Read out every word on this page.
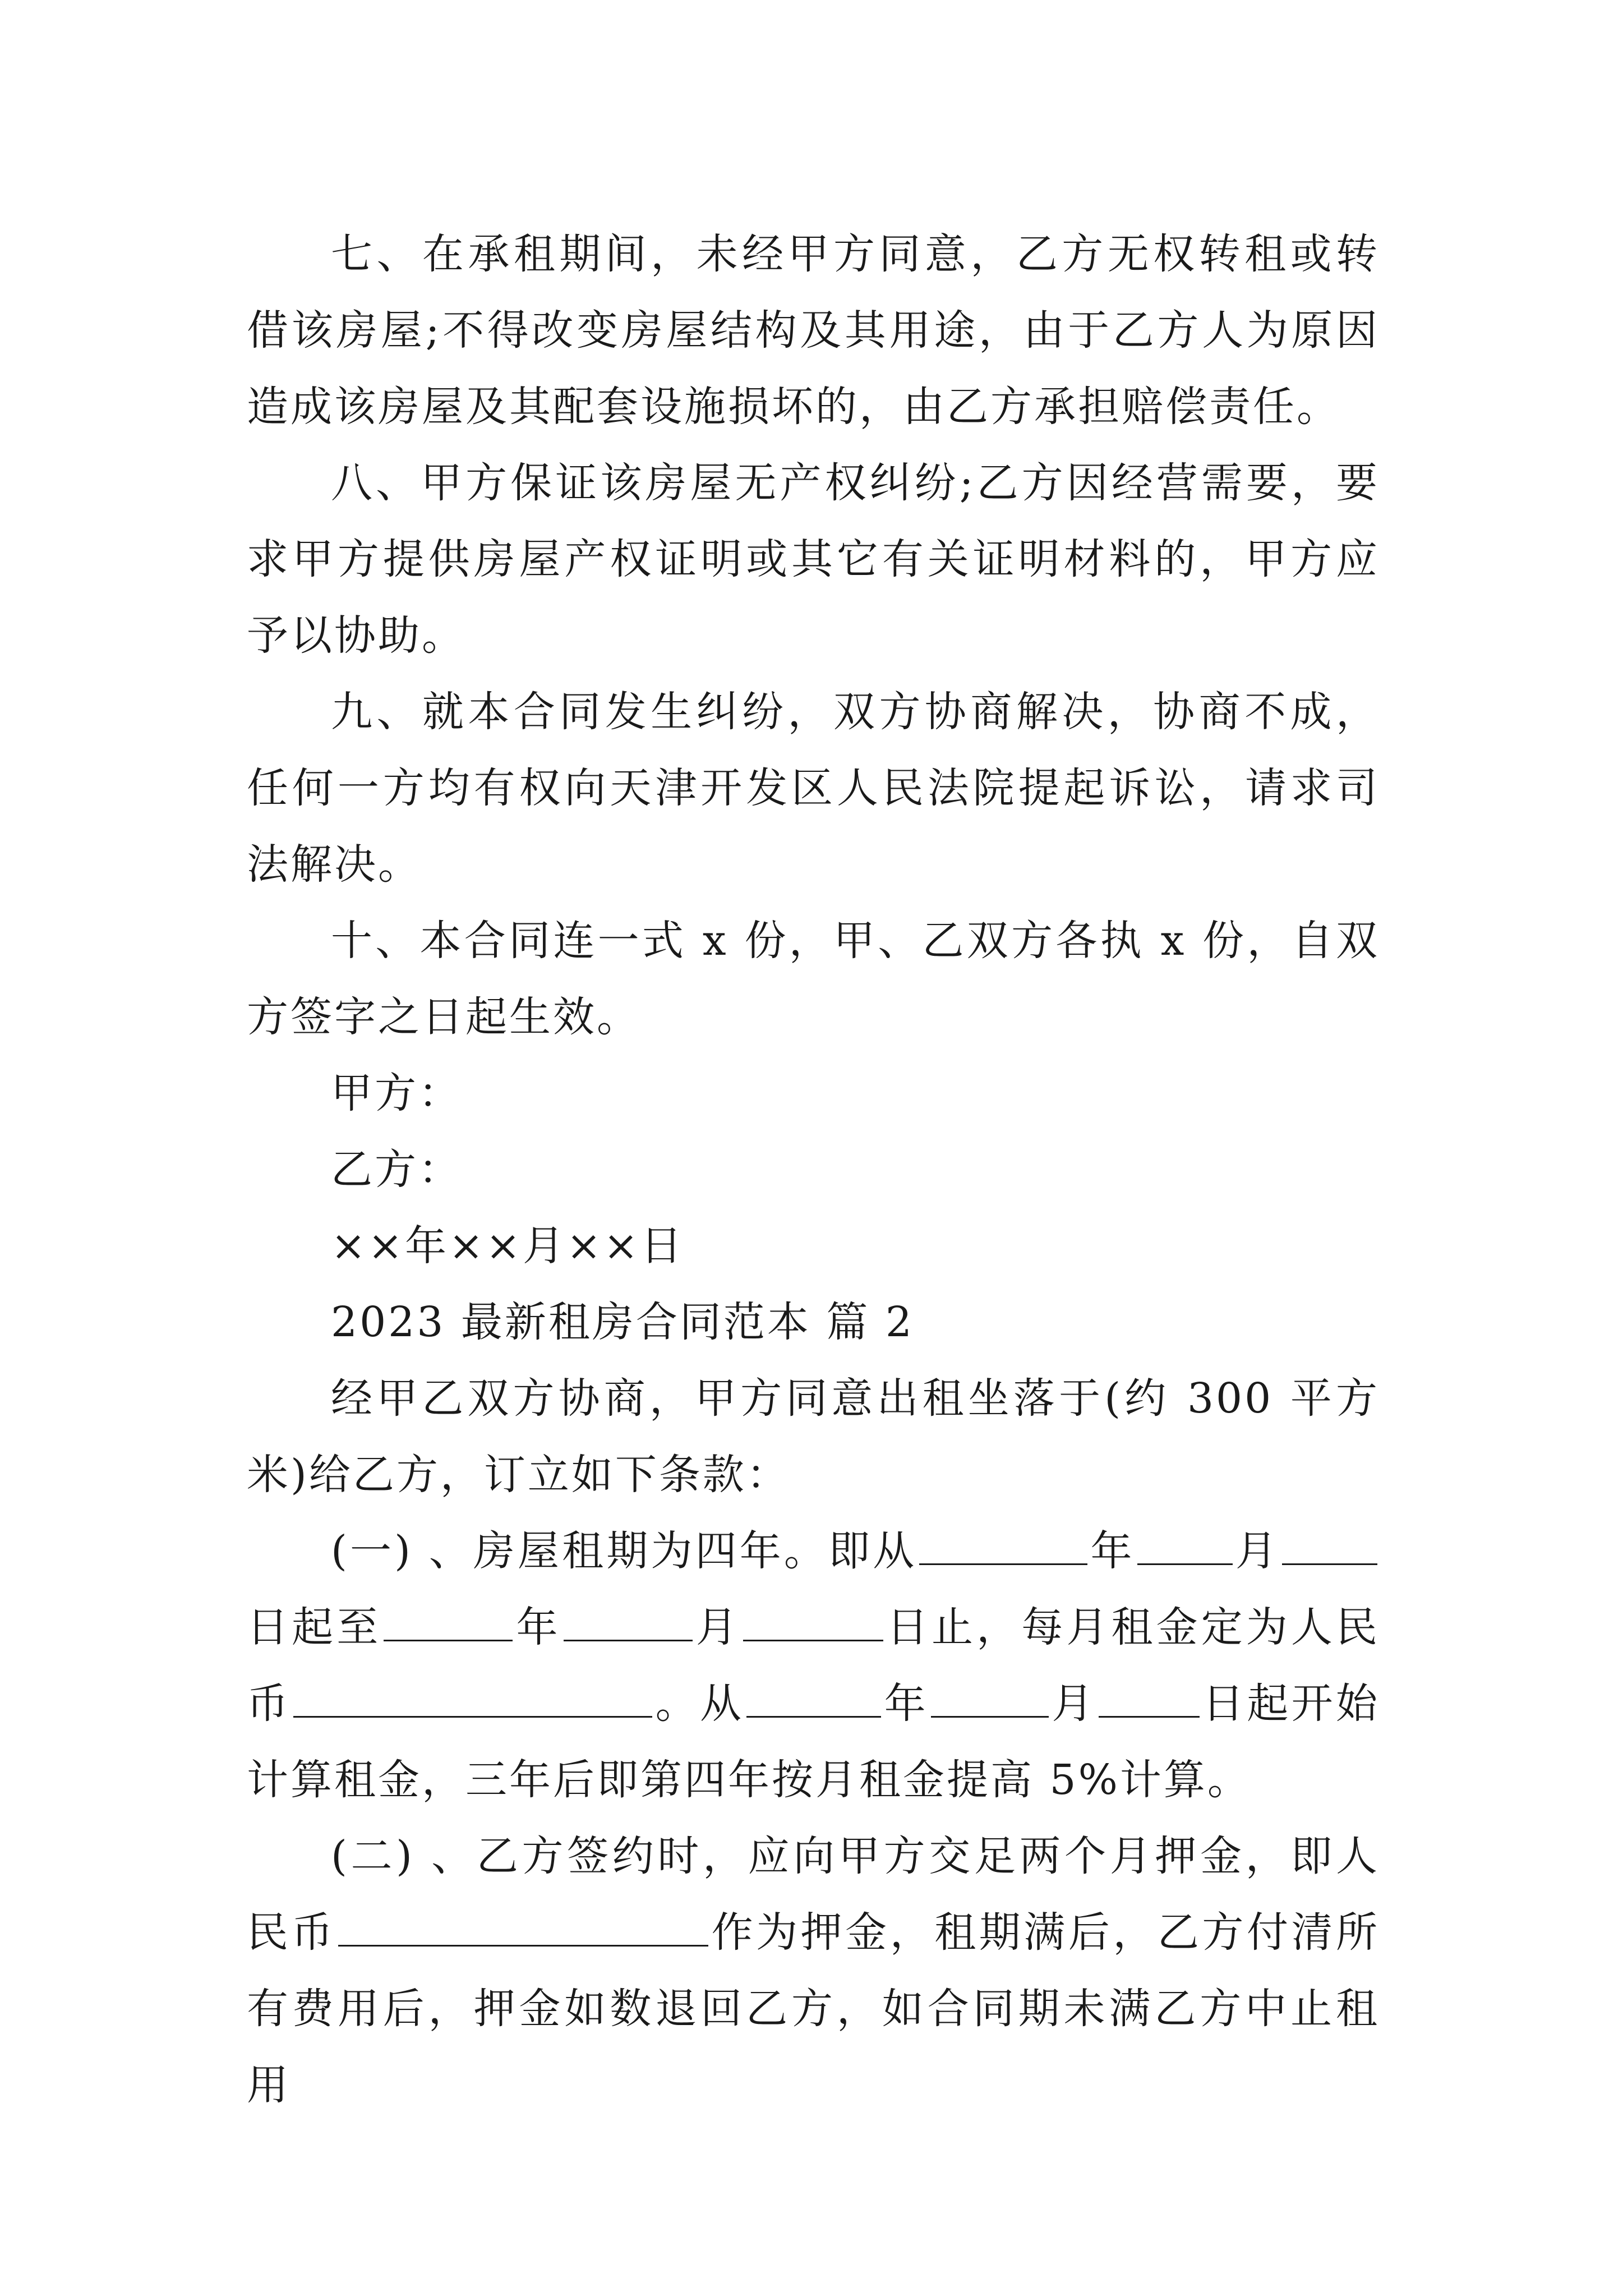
七、在承租期间，未经甲方同意，乙方无权转租或转借该房屋;不得改变房屋结构及其用途，由于乙方人为原因造成该房屋及其配套设施损坏的，由乙方承担赔偿责任。

八、甲方保证该房屋无产权纠纷;乙方因经营需要，要求甲方提供房屋产权证明或其它有关证明材料的，甲方应予以协助。

九、就本合同发生纠纷，双方协商解决，协商不成，任何一方均有权向天津开发区人民法院提起诉讼，请求司法解决。

十、本合同连一式 x 份，甲、乙双方各执 x 份，自双方签字之日起生效。

甲方：

乙方：

××年××月××日

2023 最新租房合同范本 篇 2

经甲乙双方协商，甲方同意出租坐落于(约 300 平方米)给乙方，订立如下条款：

(一) 、房屋租期为四年。即从	年 月日起至	年	月	日止，每月租金定为人民币	。从	年	月	日起开始计算租金，三年后即第四年按月租金提高 5%计算。

(二) 、乙方签约时，应向甲方交足两个月押金，即人民币	作为押金，租期满后，乙方付清所有费用后，押金如数退回乙方，如合同期未满乙方中止租用
